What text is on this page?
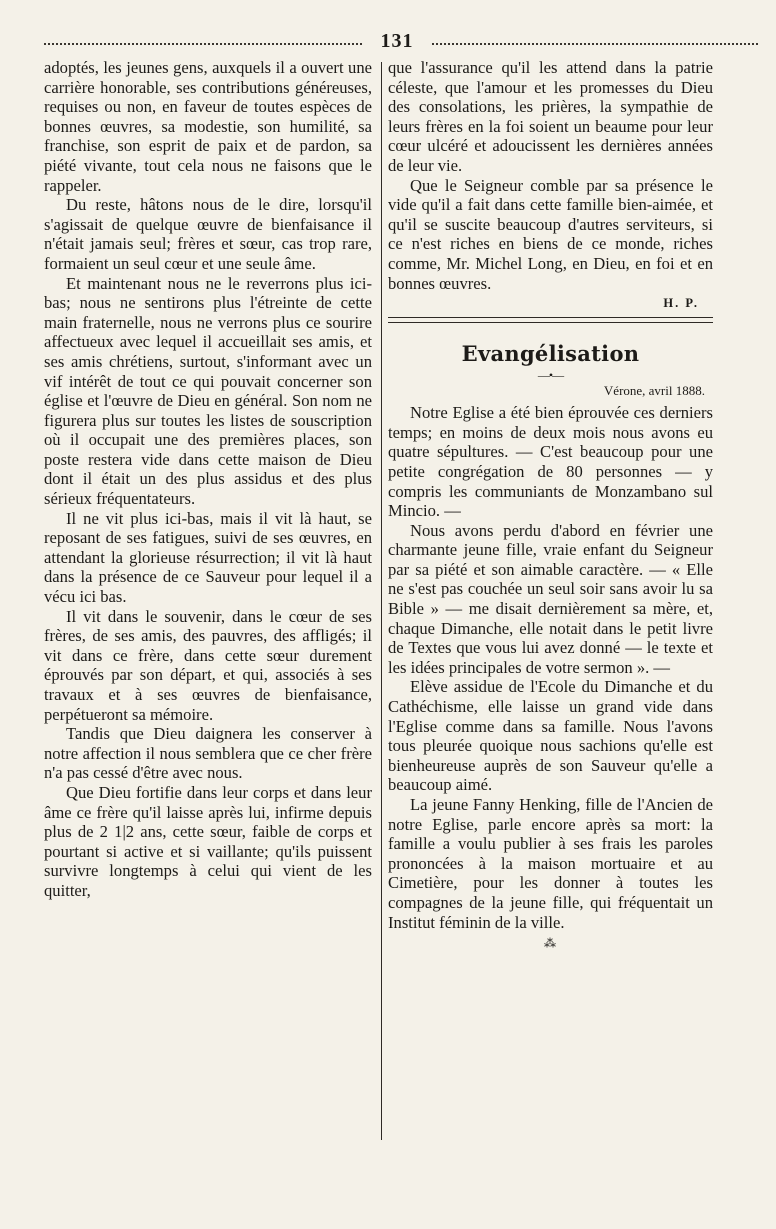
131

adoptés, les jeunes gens, auxquels il a ouvert une carrière honorable, ses contributions généreuses, requises ou non, en faveur de toutes espèces de bonnes œuvres, sa modestie, son humilité, sa franchise, son esprit de paix et de pardon, sa piété vivante, tout cela nous ne faisons que le rappeler.

Du reste, hâtons nous de le dire, lorsqu'il s'agissait de quelque œuvre de bienfaisance il n'était jamais seul; frères et sœur, cas trop rare, formaient un seul cœur et une seule âme.

Et maintenant nous ne le reverrons plus ici-bas; nous ne sentirons plus l'étreinte de cette main fraternelle, nous ne verrons plus ce sourire affectueux avec lequel il accueillait ses amis, et ses amis chrétiens, surtout, s'informant avec un vif intérêt de tout ce qui pouvait concerner son église et l'œuvre de Dieu en général. Son nom ne figurera plus sur toutes les listes de souscription où il occupait une des premières places, son poste restera vide dans cette maison de Dieu dont il était un des plus assidus et des plus sérieux fréquentateurs.

Il ne vit plus ici-bas, mais il vit là haut, se reposant de ses fatigues, suivi de ses œuvres, en attendant la glorieuse résurrection; il vit là haut dans la présence de ce Sauveur pour lequel il a vécu ici bas.

Il vit dans le souvenir, dans le cœur de ses frères, de ses amis, des pauvres, des affligés; il vit dans ce frère, dans cette sœur durement éprouvés par son départ, et qui, associés à ses travaux et à ses œuvres de bienfaisance, perpétueront sa mémoire.

Tandis que Dieu daignera les conserver à notre affection il nous semblera que ce cher frère n'a pas cessé d'être avec nous.

Que Dieu fortifie dans leur corps et dans leur âme ce frère qu'il laisse après lui, infirme depuis plus de 2 1|2 ans, cette sœur, faible de corps et pourtant si active et si vaillante; qu'ils puissent survivre longtemps à celui qui vient de les quitter,

que l'assurance qu'il les attend dans la patrie céleste, que l'amour et les promesses du Dieu des consolations, les prières, la sympathie de leurs frères en la foi soient un beaume pour leur cœur ulcéré et adoucissent les dernières années de leur vie.

Que le Seigneur comble par sa présence le vide qu'il a fait dans cette famille bien-aimée, et qu'il se suscite beaucoup d'autres serviteurs, si ce n'est riches en biens de ce monde, riches comme, Mr. Michel Long, en Dieu, en foi et en bonnes œuvres.

H. P.
Evangélisation
—•—
Vérone, avril 1888.

Notre Eglise a été bien éprouvée ces derniers temps; en moins de deux mois nous avons eu quatre sépultures. — C'est beaucoup pour une petite congrégation de 80 personnes — y compris les communiants de Monzambano sul Mincio. —

Nous avons perdu d'abord en février une charmante jeune fille, vraie enfant du Seigneur par sa piété et son aimable caractère. — « Elle ne s'est pas couchée un seul soir sans avoir lu sa Bible » — me disait dernièrement sa mère, et, chaque Dimanche, elle notait dans le petit livre de Textes que vous lui avez donné — le texte et les idées principales de votre sermon ». —

Elève assidue de l'Ecole du Dimanche et du Cathéchisme, elle laisse un grand vide dans l'Eglise comme dans sa famille. Nous l'avons tous pleurée quoique nous sachions qu'elle est bienheureuse auprès de son Sauveur qu'elle a beaucoup aimé.

La jeune Fanny Henking, fille de l'Ancien de notre Eglise, parle encore après sa mort: la famille a voulu publier à ses frais les paroles prononcées à la maison mortuaire et au Cimetière, pour les donner à toutes les compagnes de la jeune fille, qui fréquentait un Institut féminin de la ville.

⁂
